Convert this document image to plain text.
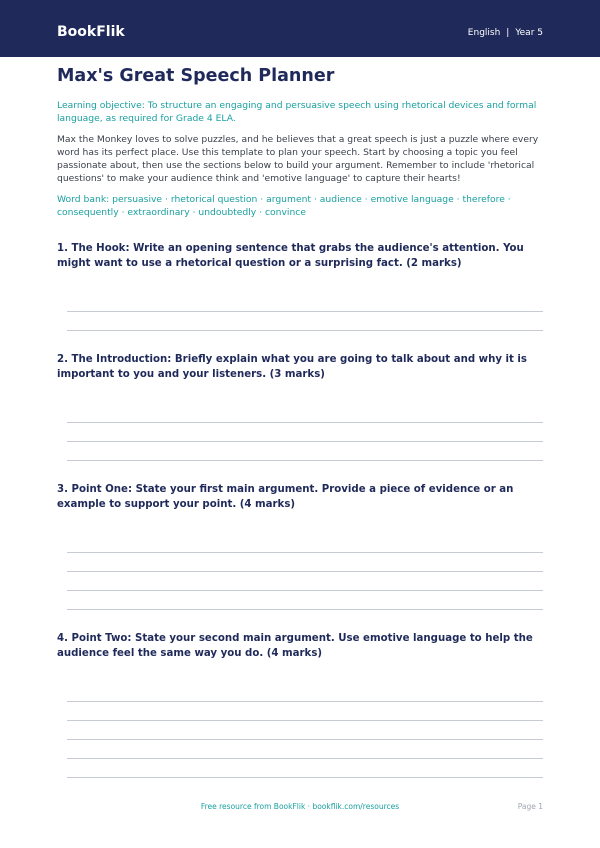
BookFlik	English | Year 5
Max's Great Speech Planner

Learning objective: To structure an engaging and persuasive speech using rhetorical devices and formal language, as required for Grade 4 ELA.

Max the Monkey loves to solve puzzles, and he believes that a great speech is just a puzzle where every word has its perfect place. Use this template to plan your speech. Start by choosing a topic you feel passionate about, then use the sections below to build your argument. Remember to include 'rhetorical questions' to make your audience think and 'emotive language' to capture their hearts!

Word bank: persuasive · rhetorical question · argument · audience · emotive language · therefore · consequently · extraordinary · undoubtedly · convince

1. The Hook: Write an opening sentence that grabs the audience's attention. You might want to use a rhetorical question or a surprising fact. (2 marks)

2. The Introduction: Briefly explain what you are going to talk about and why it is important to you and your listeners. (3 marks)

3. Point One: State your first main argument. Provide a piece of evidence or an example to support your point. (4 marks)

4. Point Two: State your second main argument. Use emotive language to help the audience feel the same way you do. (4 marks)

Free resource from BookFlik · bookflik.com/resources	Page 1
